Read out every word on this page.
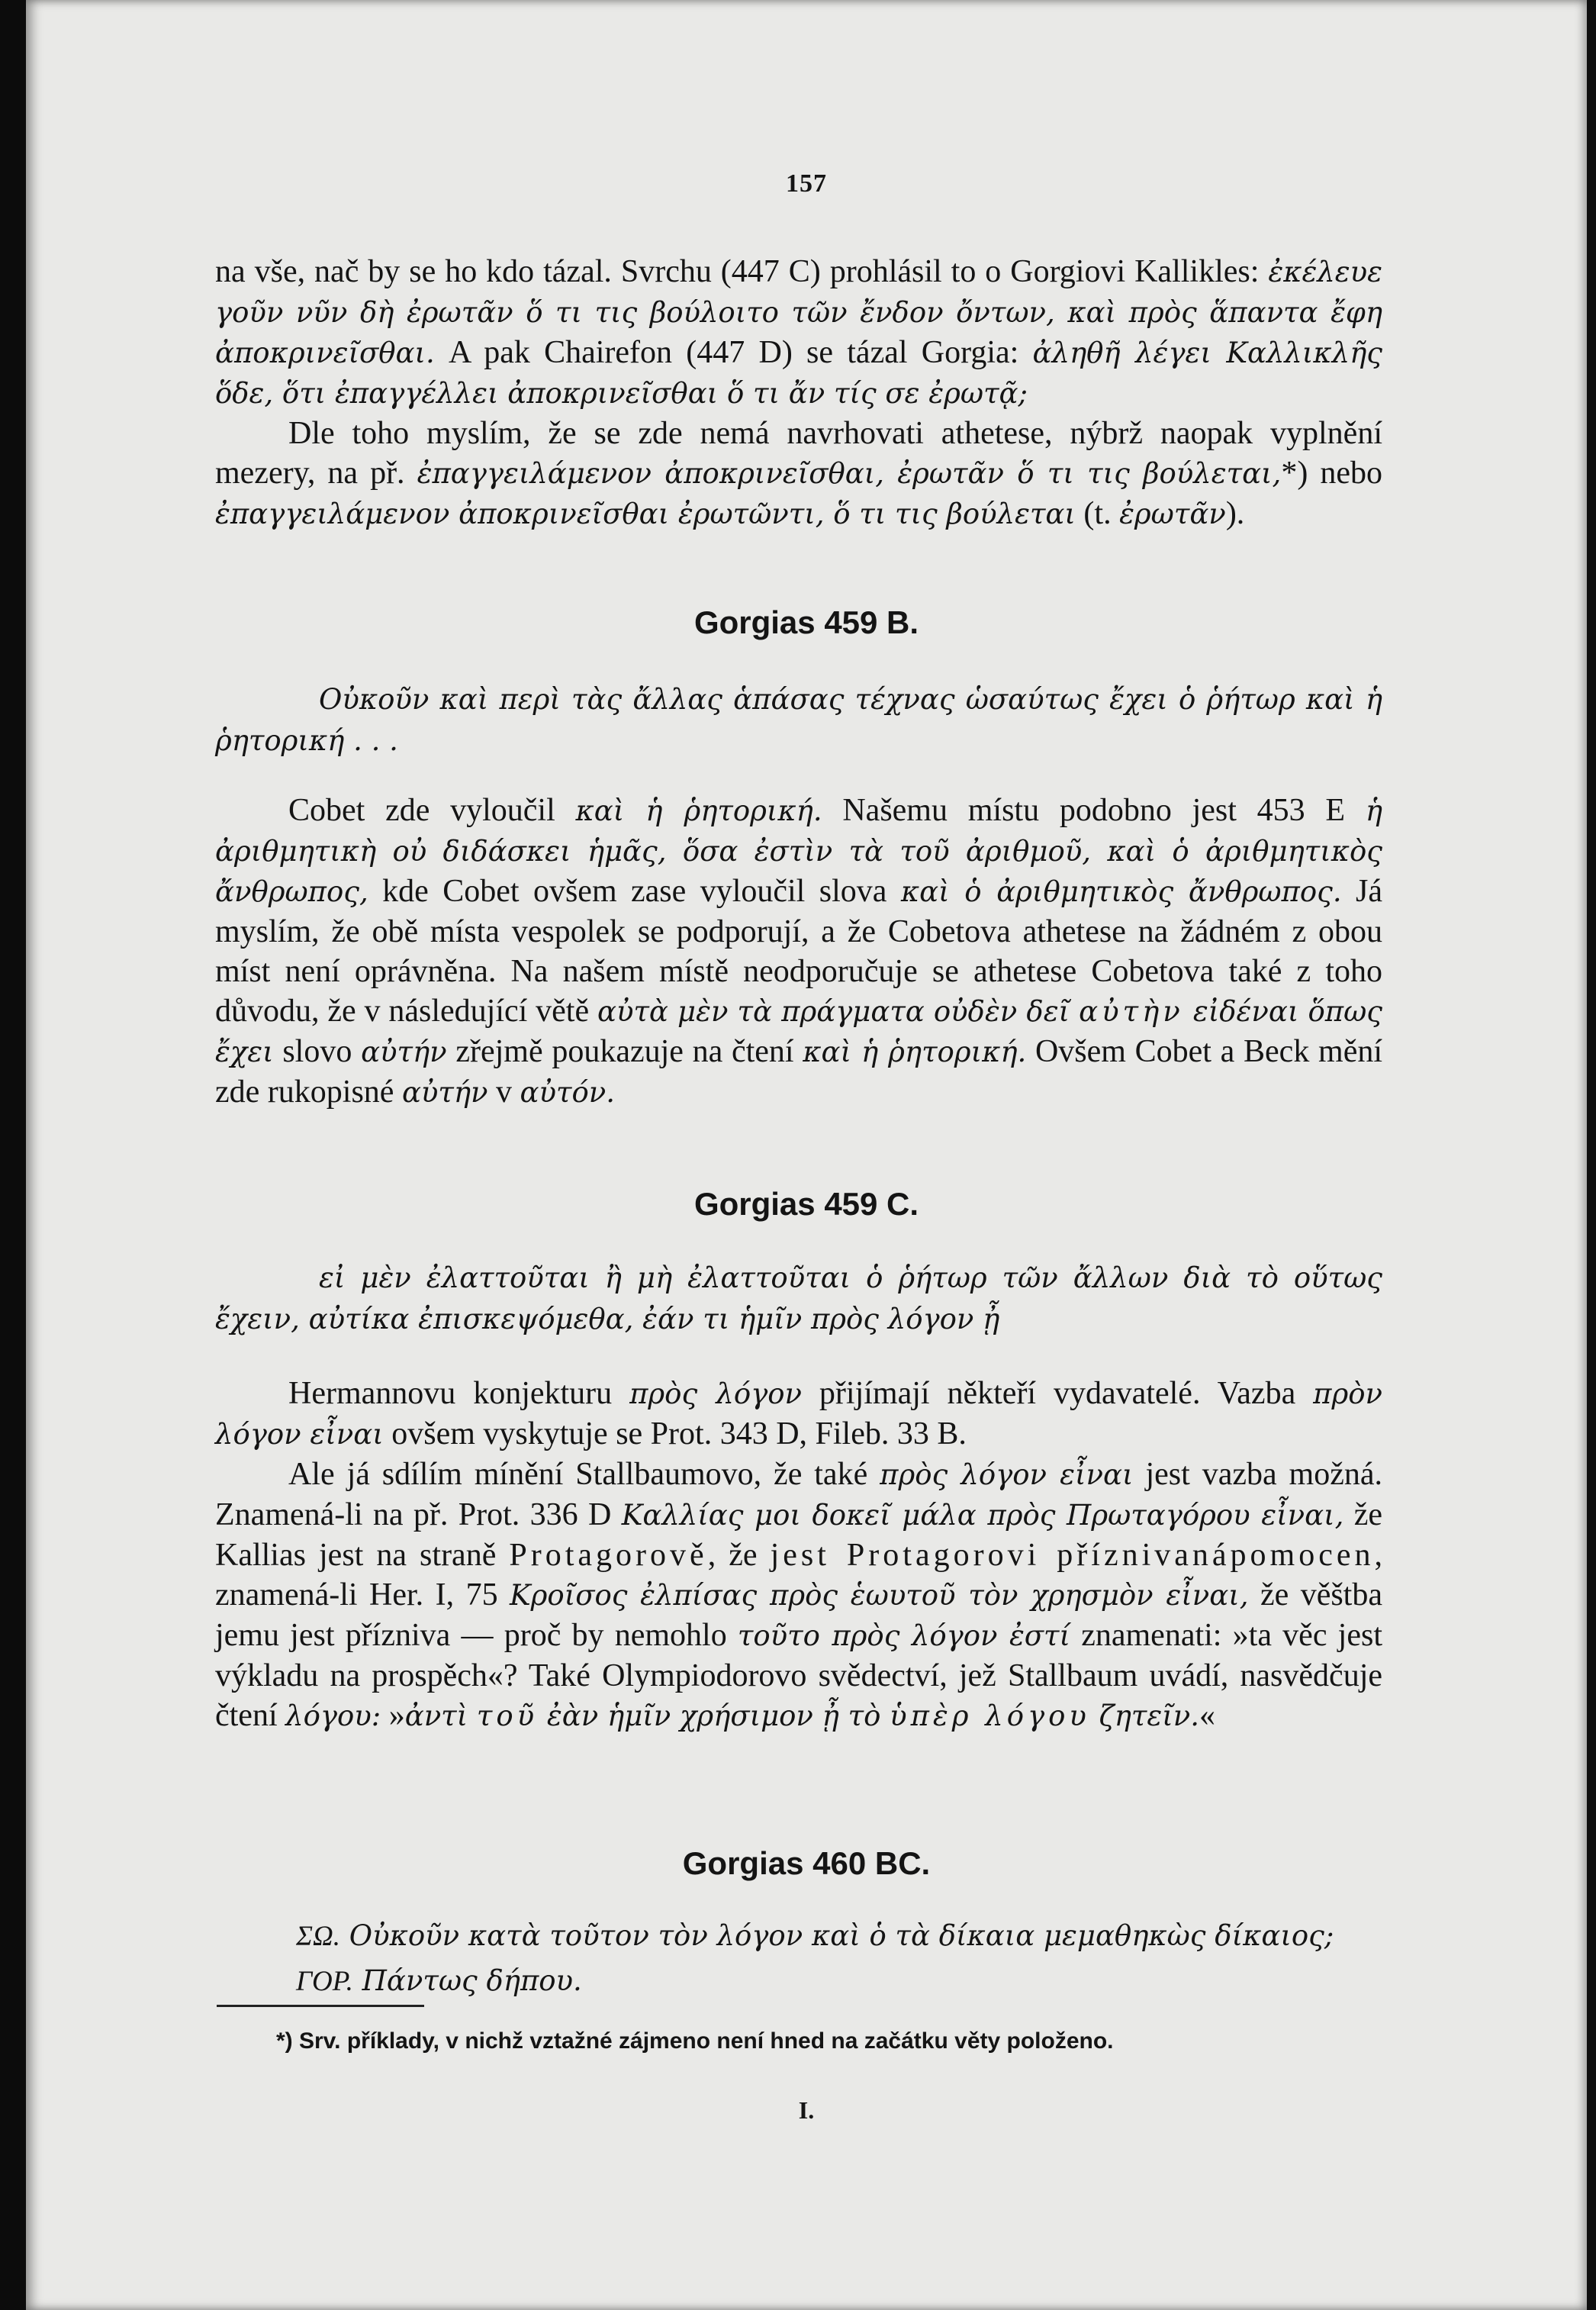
157

na vše, nač by se ho kdo tázal. Svrchu (447 C) prohlásil to o Gorgiovi Kallikles: ἐκέλευε γοῦν νῦν δὴ ἐρωτᾶν ὅ τι τις βούλοιτο τῶν ἔνδον ὄντων, καὶ πρὸς ἅπαντα ἔφη ἀποκρινεῖσθαι. A pak Chairefon (447 D) se tázal Gorgia: ἀληθῆ λέγει Καλλικλῆς ὅδε, ὅτι ἐπαγγέλλει ἀποκρινεῖσθαι ὅ τι ἄν τίς σε ἐρωτᾷ;

Dle toho myslím, že se zde nemá navrhovati athetese, nýbrž naopak vyplnění mezery, na př. ἐπαγγειλάμενον ἀποκρινεῖσθαι, ἐρωτᾶν ὅ τι τις βούλεται,*) nebo ἐπαγγειλάμενον ἀποκρινεῖσθαι ἐρωτῶντι, ὅ τι τις βούλεται (t. ἐρωτᾶν).

Gorgias 459 B.
Οὐκοῦν καὶ περὶ τὰς ἄλλας ἁπάσας τέχνας ὡσαύτως ἔχει ὁ ῥήτωρ καὶ ἡ ῥητορική . . .

Cobet zde vyloučil καὶ ἡ ῥητορική. Našemu místu podobno jest 453 E ἡ ἀριθμητικὴ οὐ διδάσκει ἡμᾶς, ὅσα ἐστὶν τὰ τοῦ ἀριθμοῦ, καὶ ὁ ἀριθμητικὸς ἄνθρωπος, kde Cobet ovšem zase vyloučil slova καὶ ὁ ἀριθμητικὸς ἄνθρωπος. Já myslím, že obě místa vespolek se podporují, a že Cobetova athetese na žádném z obou míst není oprávněna. Na našem místě neodporučuje se athetese Cobetova také z toho důvodu, že v následující větě αὐτὰ μὲν τὰ πράγματα οὐδὲν δεῖ αὐτὴν εἰδέναι ὅπως ἔχει slovo αὐτήν zřejmě poukazuje na čtení καὶ ἡ ῥητορική. Ovšem Cobet a Beck mění zde rukopisné αὐτήν v αὐτόν.

Gorgias 459 C.
εἰ μὲν ἐλαττοῦται ἢ μὴ ἐλαττοῦται ὁ ῥήτωρ τῶν ἄλλων διὰ τὸ οὕτως ἔχειν, αὐτίκα ἐπισκεψόμεθα, ἐάν τι ἡμῖν πρὸς λόγον ᾖ

Hermannovu konjekturu πρὸς λόγον přijímají někteří vydavatelé. Vazba πρὸν λόγον εἶναι ovšem vyskytuje se Prot. 343 D, Fileb. 33 B.

Ale já sdílím mínění Stallbaumovo, že také πρὸς λόγον εἶναι jest vazba možná. Znamená-li na př. Prot. 336 D Καλλίας μοι δοκεῖ μάλα πρὸς Πρωταγόρου εἶναι, že Kallias jest na straně Protagorově, že jest Protagorovi příznivanápomocen, znamená-li Her. I, 75 Κροῖσος ἐλπίσας πρὸς ἑωυτοῦ τὸν χρησμὸν εἶναι, že věštba jemu jest přízniva — proč by nemohlo τοῦτο πρὸς λόγον ἐστί znamenati: »ta věc jest výkladu na prospěch«? Také Olympiodorovo svědectví, jež Stallbaum uvádí, nasvědčuje čtení λόγου: »ἀντὶ τοῦ ἐὰν ἡμῖν χρήσιμον ᾖ τὸ ὑπὲρ λόγου ζητεῖν.«

Gorgias 460 BC.
ΣΩ. Οὐκοῦν κατὰ τοῦτον τὸν λόγον καὶ ὁ τὰ δίκαια μεμαθηκὼς δίκαιος;
ΓΟΡ. Πάντως δήπου.
*) Srv. příklady, v nichž vztažné zájmeno není hned na začátku věty položeno.
I.
